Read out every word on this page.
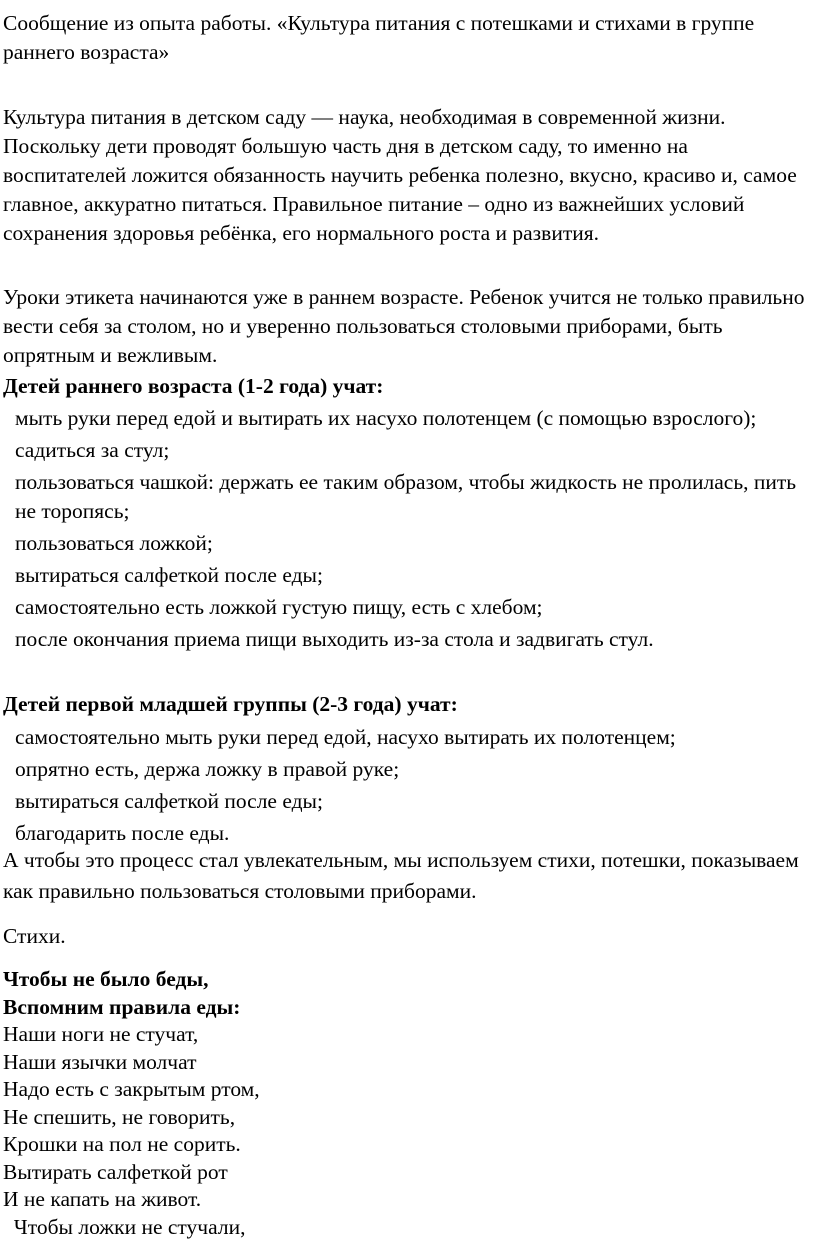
Сообщение из опыта работы. «Культура питания с потешками и стихами в группе раннего возраста»

Культура питания в детском саду — наука, необходимая в современной жизни. Поскольку дети проводят большую часть дня в детском саду, то именно на воспитателей ложится обязанность научить ребенка полезно, вкусно, красиво и, самое главное, аккуратно питаться. Правильное питание – одно из важнейших условий сохранения здоровья ребёнка, его нормального роста и развития.

Уроки этикета начинаются уже в раннем возрасте. Ребенок учится не только правильно вести себя за столом, но и уверенно пользоваться столовыми приборами, быть опрятным и вежливым.

Детей раннего возраста (1-2 года) учат:

мыть руки перед едой и вытирать их насухо полотенцем (с помощью взрослого);
садиться за стул;
пользоваться чашкой: держать ее таким образом, чтобы жидкость не пролилась, пить не торопясь;
пользоваться ложкой;
вытираться салфеткой после еды;
самостоятельно есть ложкой густую пищу, есть с хлебом;
после окончания приема пищи выходить из-за стола и задвигать стул.

Детей первой младшей группы (2-3 года) учат:

самостоятельно мыть руки перед едой, насухо вытирать их полотенцем;
опрятно есть, держа ложку в правой руке;
вытираться салфеткой после еды;
благодарить после еды.

А чтобы это процесс стал увлекательным, мы используем стихи, потешки, показываем как правильно пользоваться столовыми приборами.

Стихи.

Чтобы не было беды,
Вспомним правила еды:
Наши ноги не стучат,
Наши язычки молчат
Надо есть с закрытым ртом,
Не спешить, не говорить,
Крошки на пол не сорить.
Вытирать салфеткой рот
И не капать на живот.
Чтобы ложки не стучали,
